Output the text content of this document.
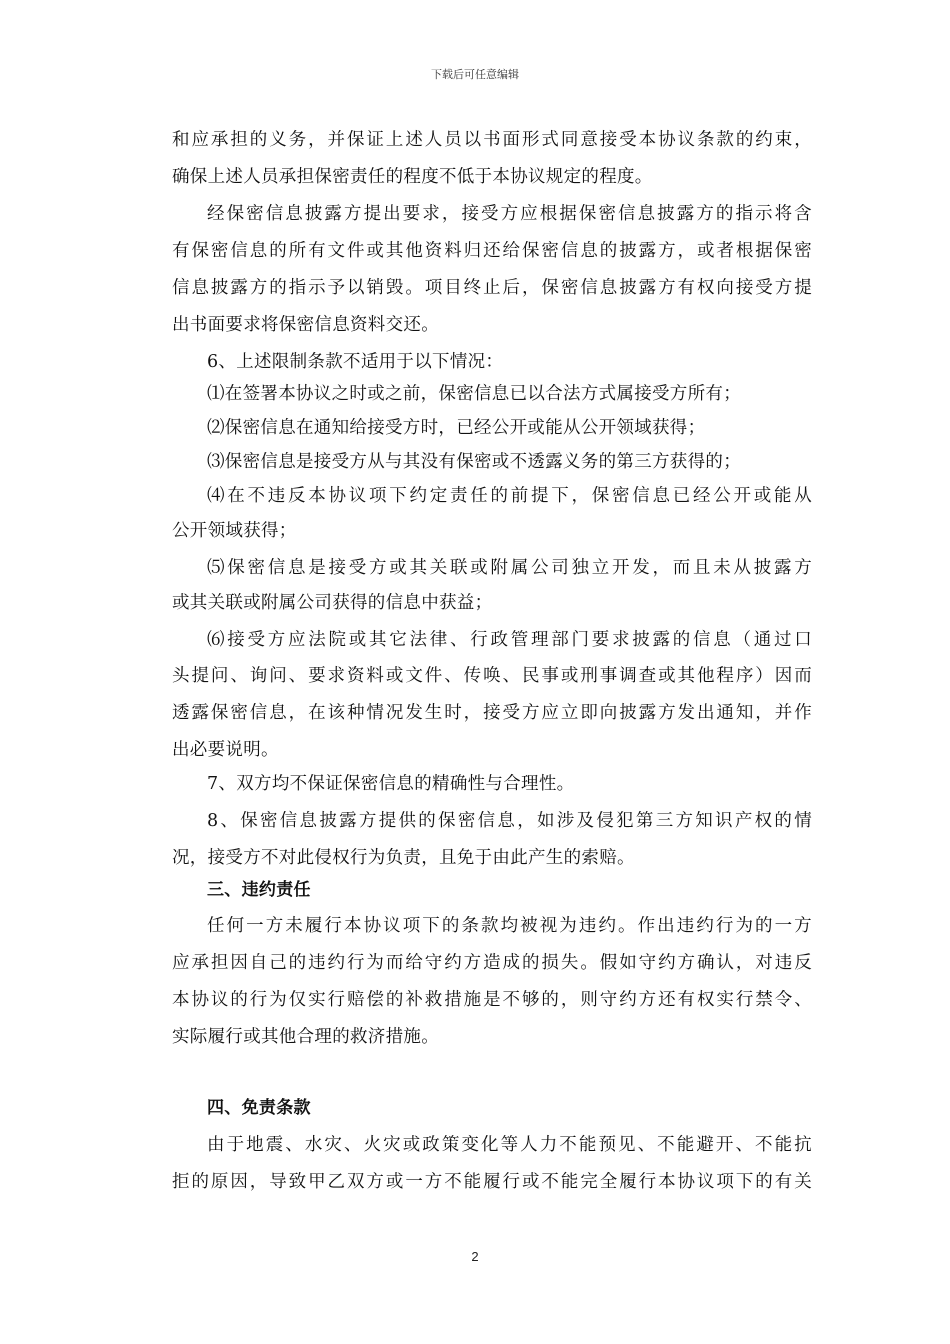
下载后可任意编辑
和应承担的义务，并保证上述人员以书面形式同意接受本协议条款的约束，
确保上述人员承担保密责任的程度不低于本协议规定的程度。
经保密信息披露方提出要求，接受方应根据保密信息披露方的指示将含
有保密信息的所有文件或其他资料归还给保密信息的披露方，或者根据保密
信息披露方的指示予以销毁。项目终止后，保密信息披露方有权向接受方提
出书面要求将保密信息资料交还。
6、上述限制条款不适用于以下情况：
⑴在签署本协议之时或之前，保密信息已以合法方式属接受方所有；
⑵保密信息在通知给接受方时，已经公开或能从公开领域获得；
⑶保密信息是接受方从与其没有保密或不透露义务的第三方获得的；
⑷在不违反本协议项下约定责任的前提下，保密信息已经公开或能从
公开领域获得；
⑸保密信息是接受方或其关联或附属公司独立开发，而且未从披露方
或其关联或附属公司获得的信息中获益；
⑹接受方应法院或其它法律、行政管理部门要求披露的信息（通过口
头提问、询问、要求资料或文件、传唤、民事或刑事调查或其他程序）因而
透露保密信息，在该种情况发生时，接受方应立即向披露方发出通知，并作
出必要说明。
7、双方均不保证保密信息的精确性与合理性。
8、保密信息披露方提供的保密信息，如涉及侵犯第三方知识产权的情
况，接受方不对此侵权行为负责，且免于由此产生的索赔。
三、违约责任
任何一方未履行本协议项下的条款均被视为违约。作出违约行为的一方
应承担因自己的违约行为而给守约方造成的损失。假如守约方确认，对违反
本协议的行为仅实行赔偿的补救措施是不够的，则守约方还有权实行禁令、
实际履行或其他合理的救济措施。
四、免责条款
由于地震、水灾、火灾或政策变化等人力不能预见、不能避开、不能抗
拒的原因，导致甲乙双方或一方不能履行或不能完全履行本协议项下的有关
2
